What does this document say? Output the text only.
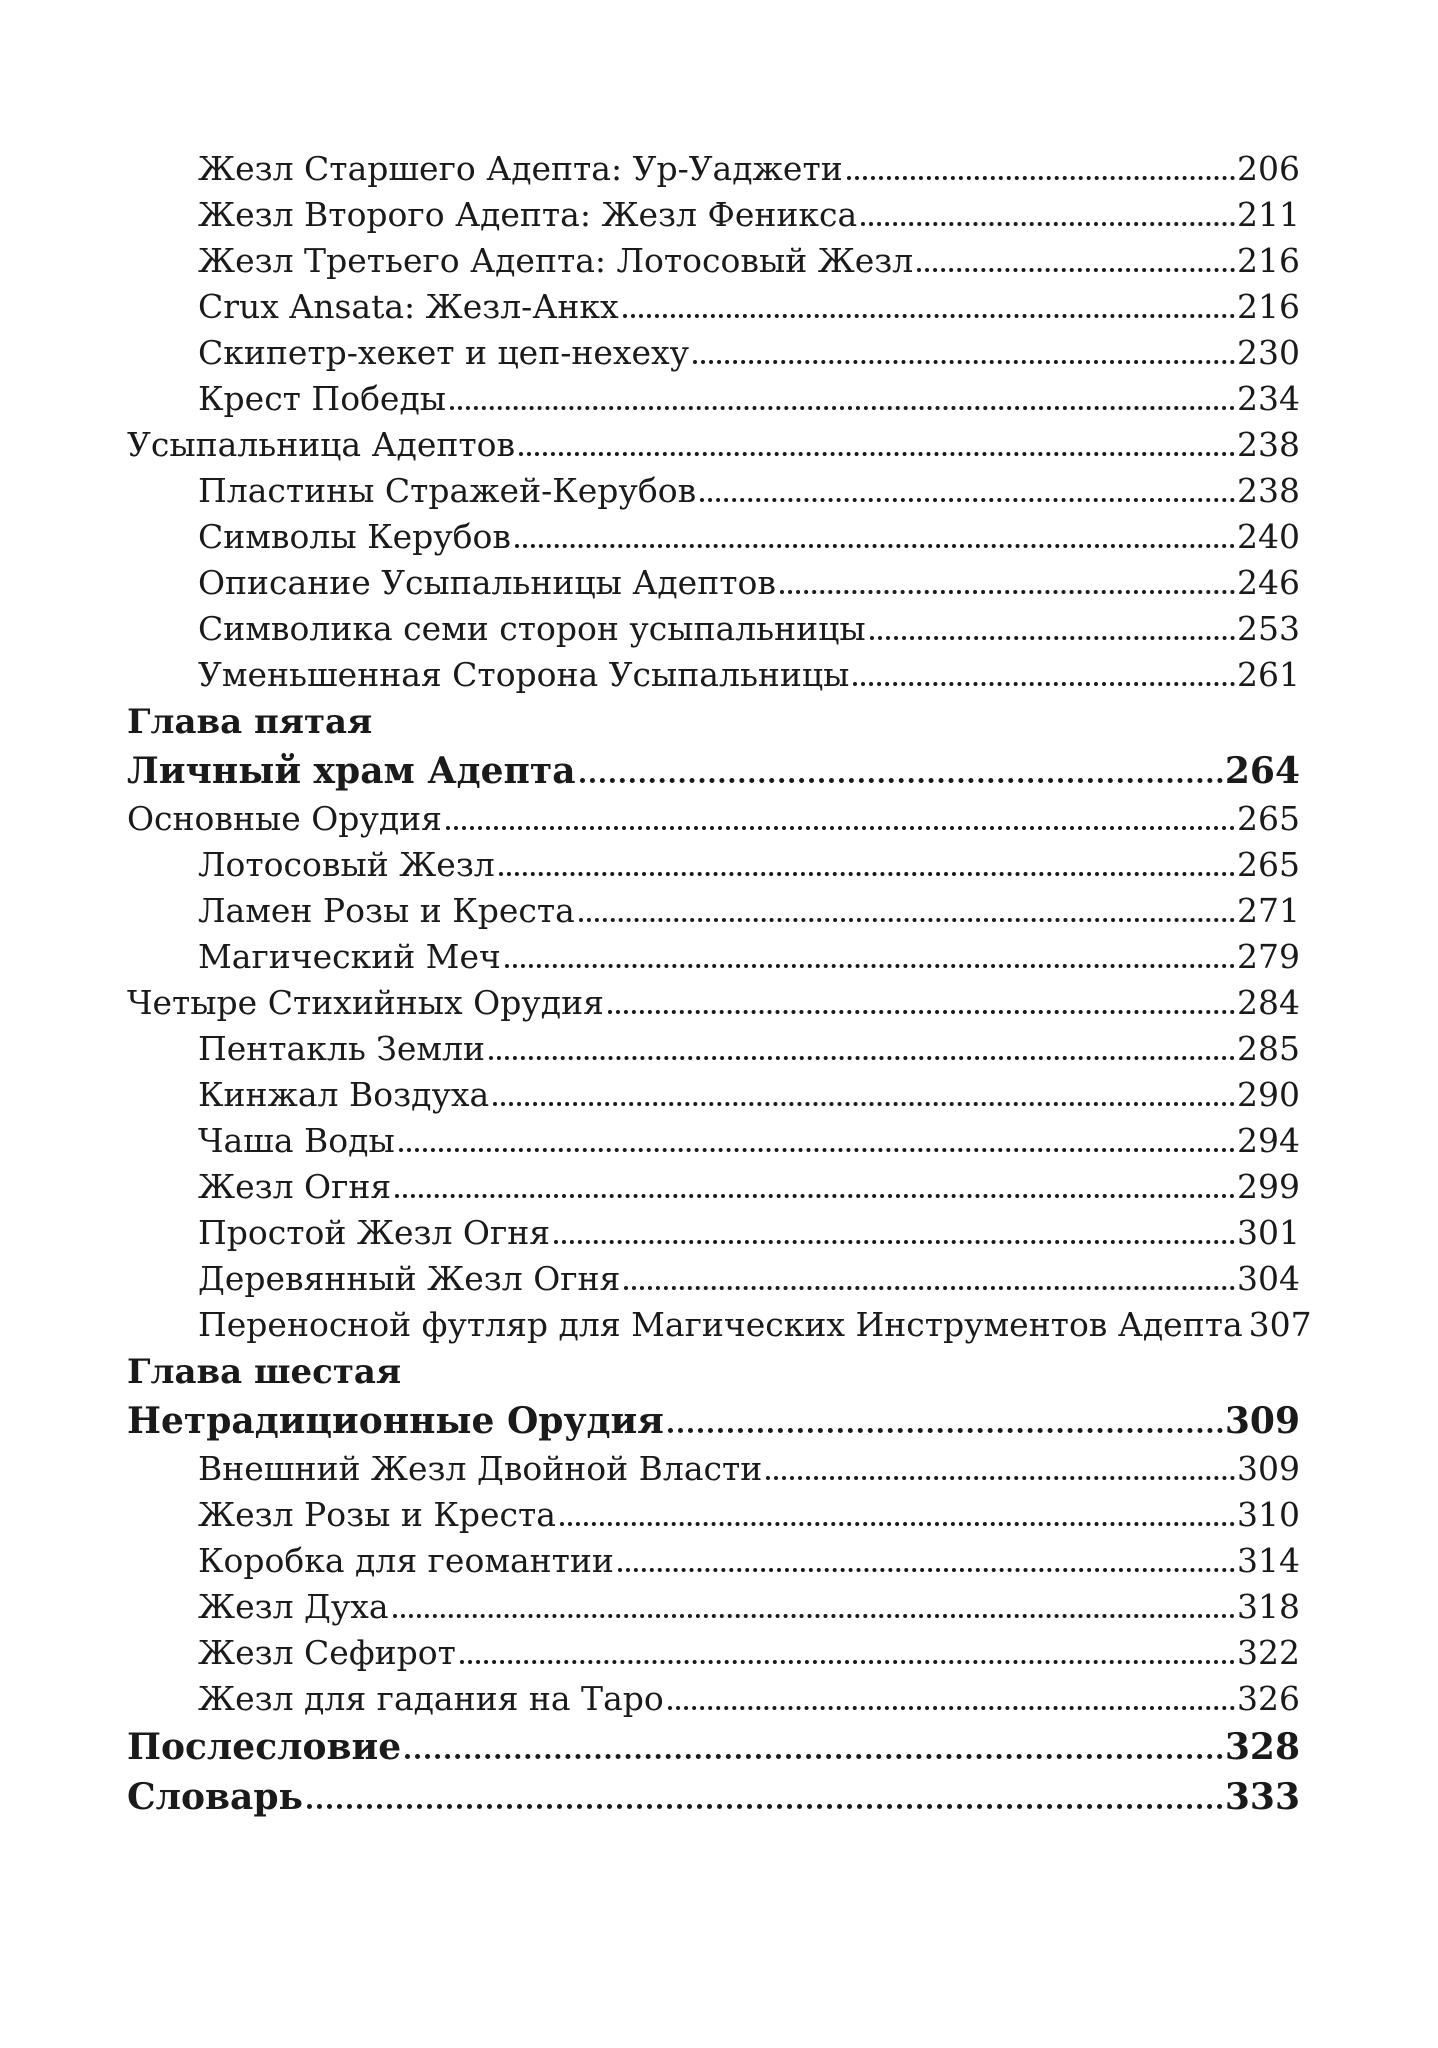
Жезл Старшего Адепта: Ур-Уаджети	206
Жезл Второго Адепта: Жезл Феникса	211
Жезл Третьего Адепта: Лотосовый Жезл	216
Crux Ansata: Жезл-Анкх	216
Скипетр-хекет и цеп-нехеху	230
Крест Победы	234
Усыпальница Адептов	238
Пластины Стражей-Керубов	238
Символы Керубов	240
Описание Усыпальницы Адептов	246
Символика семи сторон усыпальницы	253
Уменьшенная Сторона Усыпальницы	261
Глава пятая
Личный храм Адепта	264
Основные Орудия	265
Лотосовый Жезл	265
Ламен Розы и Креста	271
Магический Меч	279
Четыре Стихийных Орудия	284
Пентакль Земли	285
Кинжал Воздуха	290
Чаша Воды	294
Жезл Огня	299
Простой Жезл Огня	301
Деревянный Жезл Огня	304
Переносной футляр для Магических Инструментов Адепта 307
Глава шестая
Нетрадиционные Орудия	309
Внешний Жезл Двойной Власти	309
Жезл Розы и Креста	310
Коробка для геомантии	314
Жезл Духа	318
Жезл Сефирот	322
Жезл для гадания на Таро	326
Послесловие	328
Словарь	333
